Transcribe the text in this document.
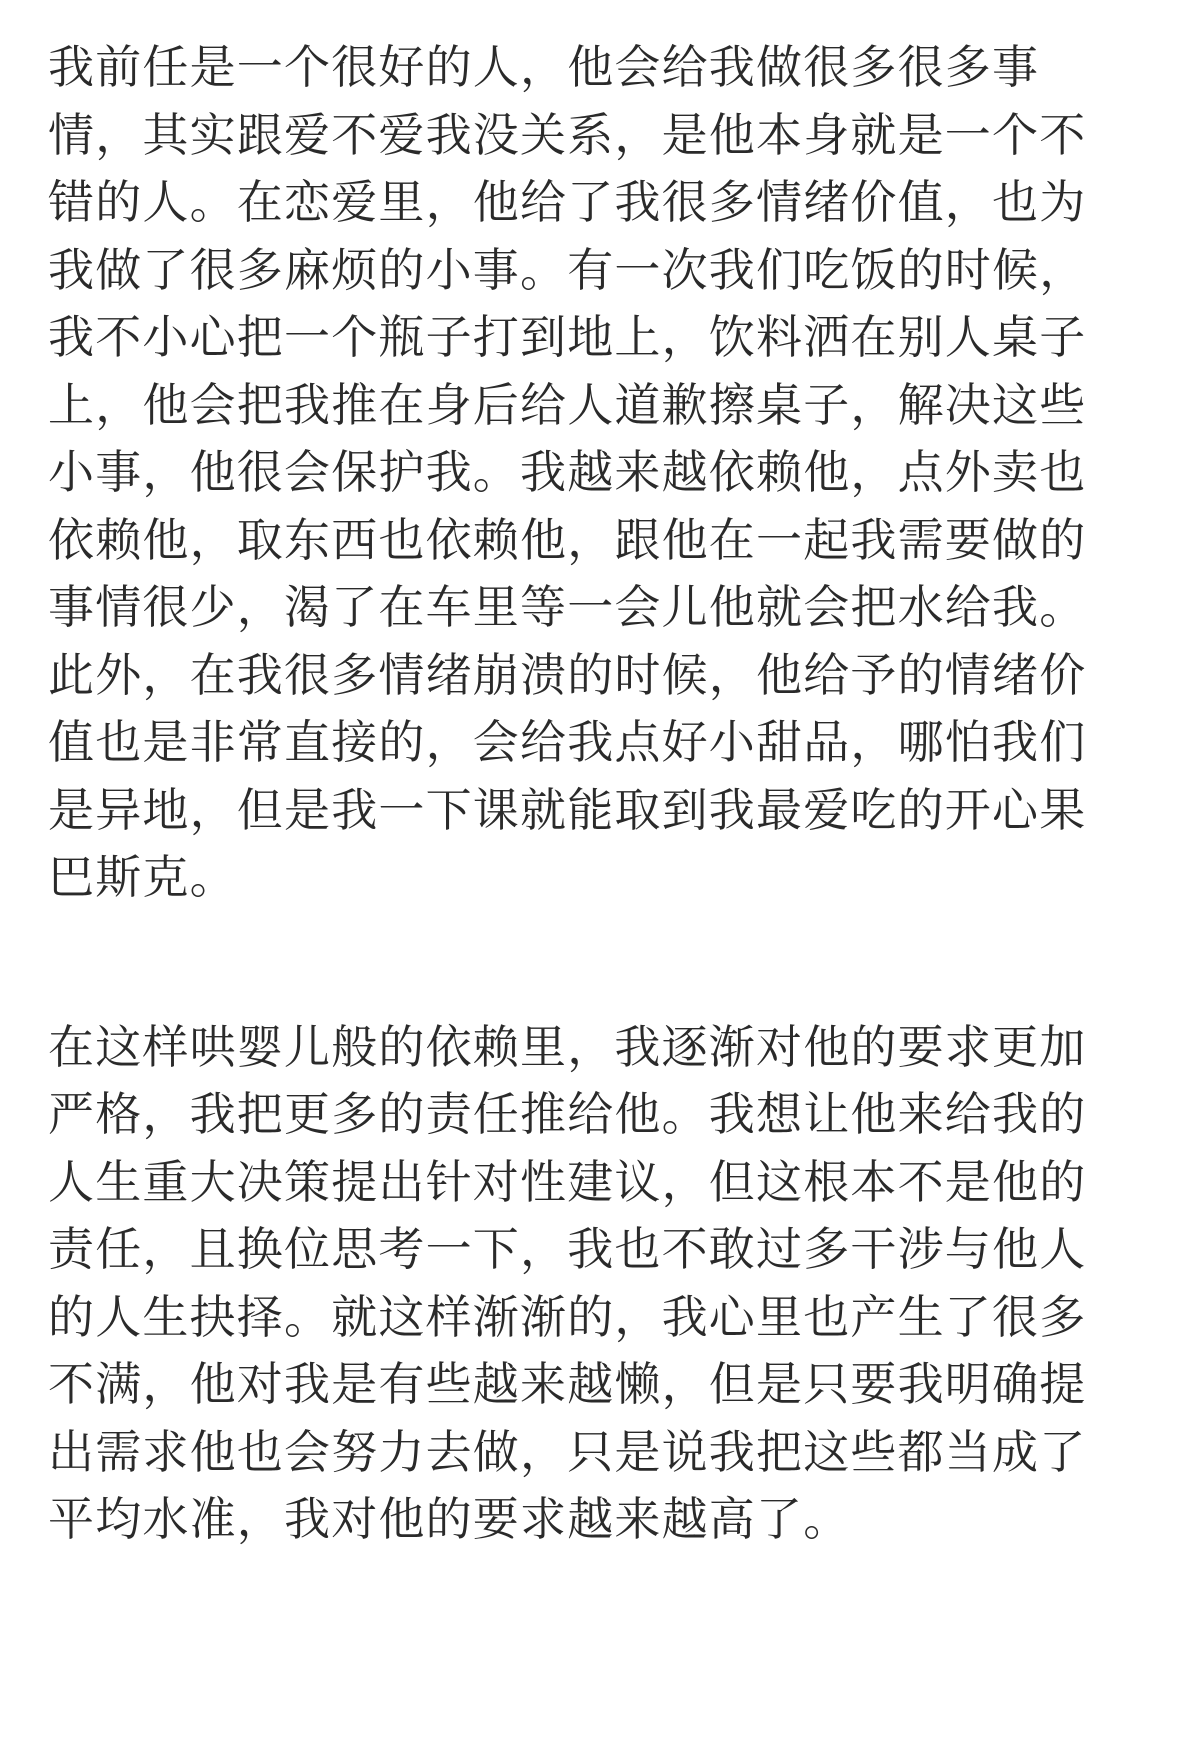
我前任是一个很好的人，他会给我做很多很多事
情，其实跟爱不爱我没关系，是他本身就是一个不
错的人。在恋爱里，他给了我很多情绪价值，也为
我做了很多麻烦的小事。有一次我们吃饭的时候，
我不小心把一个瓶子打到地上，饮料洒在别人桌子
上，他会把我推在身后给人道歉擦桌子，解决这些
小事，他很会保护我。我越来越依赖他，点外卖也
依赖他，取东西也依赖他，跟他在一起我需要做的
事情很少，渴了在车里等一会儿他就会把水给我。
此外，在我很多情绪崩溃的时候，他给予的情绪价
值也是非常直接的，会给我点好小甜品，哪怕我们
是异地，但是我一下课就能取到我最爱吃的开心果
巴斯克。
在这样哄婴儿般的依赖里，我逐渐对他的要求更加
严格，我把更多的责任推给他。我想让他来给我的
人生重大决策提出针对性建议，但这根本不是他的
责任，且换位思考一下，我也不敢过多干涉与他人
的人生抉择。就这样渐渐的，我心里也产生了很多
不满，他对我是有些越来越懒，但是只要我明确提
出需求他也会努力去做，只是说我把这些都当成了
平均水准，我对他的要求越来越高了。
